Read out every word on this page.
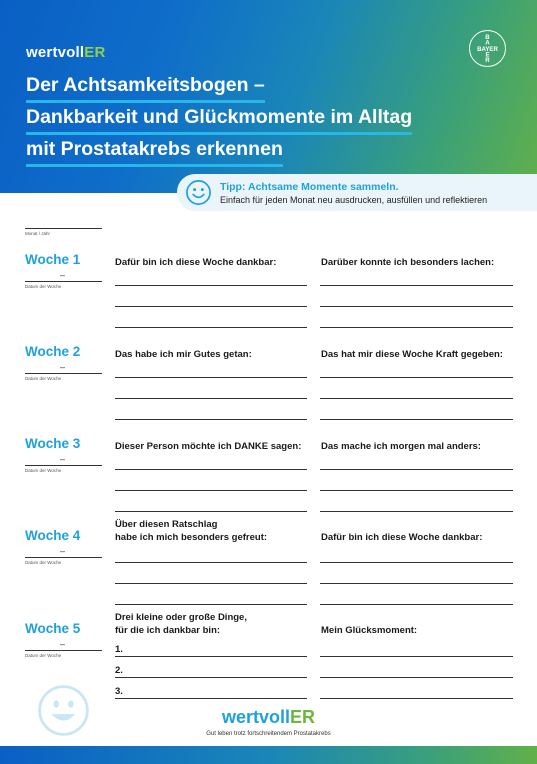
wertvollER
Der Achtsamkeitsbogen –
Dankbarkeit und Glückmomente im Alltag
mit Prostatakrebs erkennen
BAYER
B
A
E
R
Tipp: Achtsame Momente sammeln.
Einfach für jeden Monat neu ausdrucken, ausfüllen und reflektieren
Monat / Jahr
Woche 1
–
Datum der Woche
Dafür bin ich diese Woche dankbar:	Darüber konnte ich besonders lachen:
Woche 2
–
Datum der Woche
Das habe ich mir Gutes getan:	Das hat mir diese Woche Kraft gegeben:
Woche 3
–
Datum der Woche
Dieser Person möchte ich DANKE sagen: Das mache ich morgen mal anders:
Woche 4
–
Datum der Woche
Über diesen Ratschlag
habe ich mich besonders gefreut:	Dafür bin ich diese Woche dankbar:
Woche 5
–
Datum der Woche
Drei kleine oder große Dinge,
für die ich dankbar bin:	Mein Glücksmoment:
1.
2.
3.
wertvollER
Gut leben trotz fortschreitendem Prostatakrebs
